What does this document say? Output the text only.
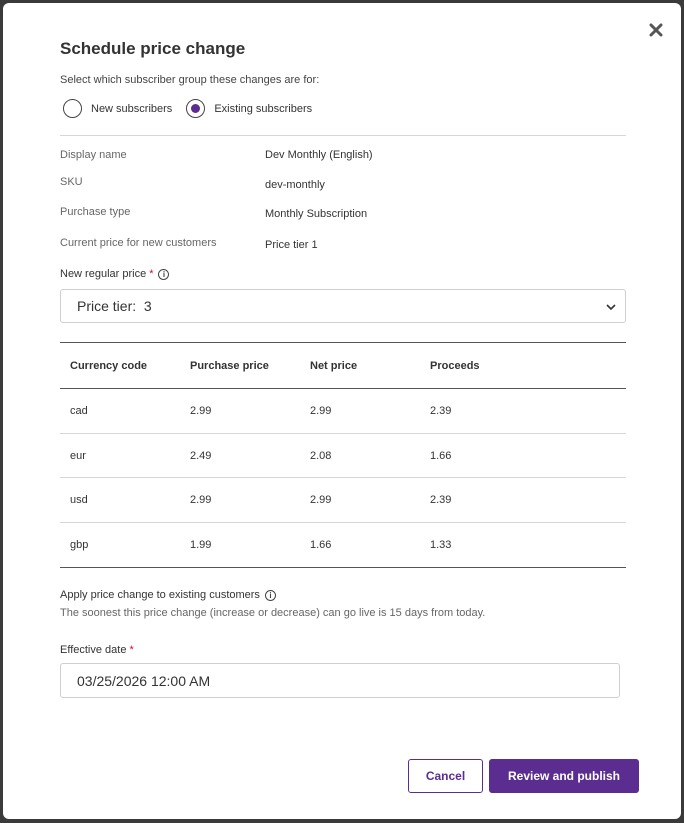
Schedule price change
Select which subscriber group these changes are for:
New subscribers	Existing subscribers
Display name	Dev Monthly (English)
SKU	dev-monthly
Purchase type	Monthly Subscription
Current price for new customers	Price tier 1
New regular price *	i
Price tier:  3
Currency code	Purchase price	Net price	Proceeds
cad	2.99	2.99	2.39
eur	2.49	2.08	1.66
usd	2.99	2.99	2.39
gbp	1.99	1.66	1.33
Apply price change to existing customers	i
The soonest this price change (increase or decrease) can go live is 15 days from today.
Effective date *
03/25/2026 12:00 AM
Cancel	Review and publish
